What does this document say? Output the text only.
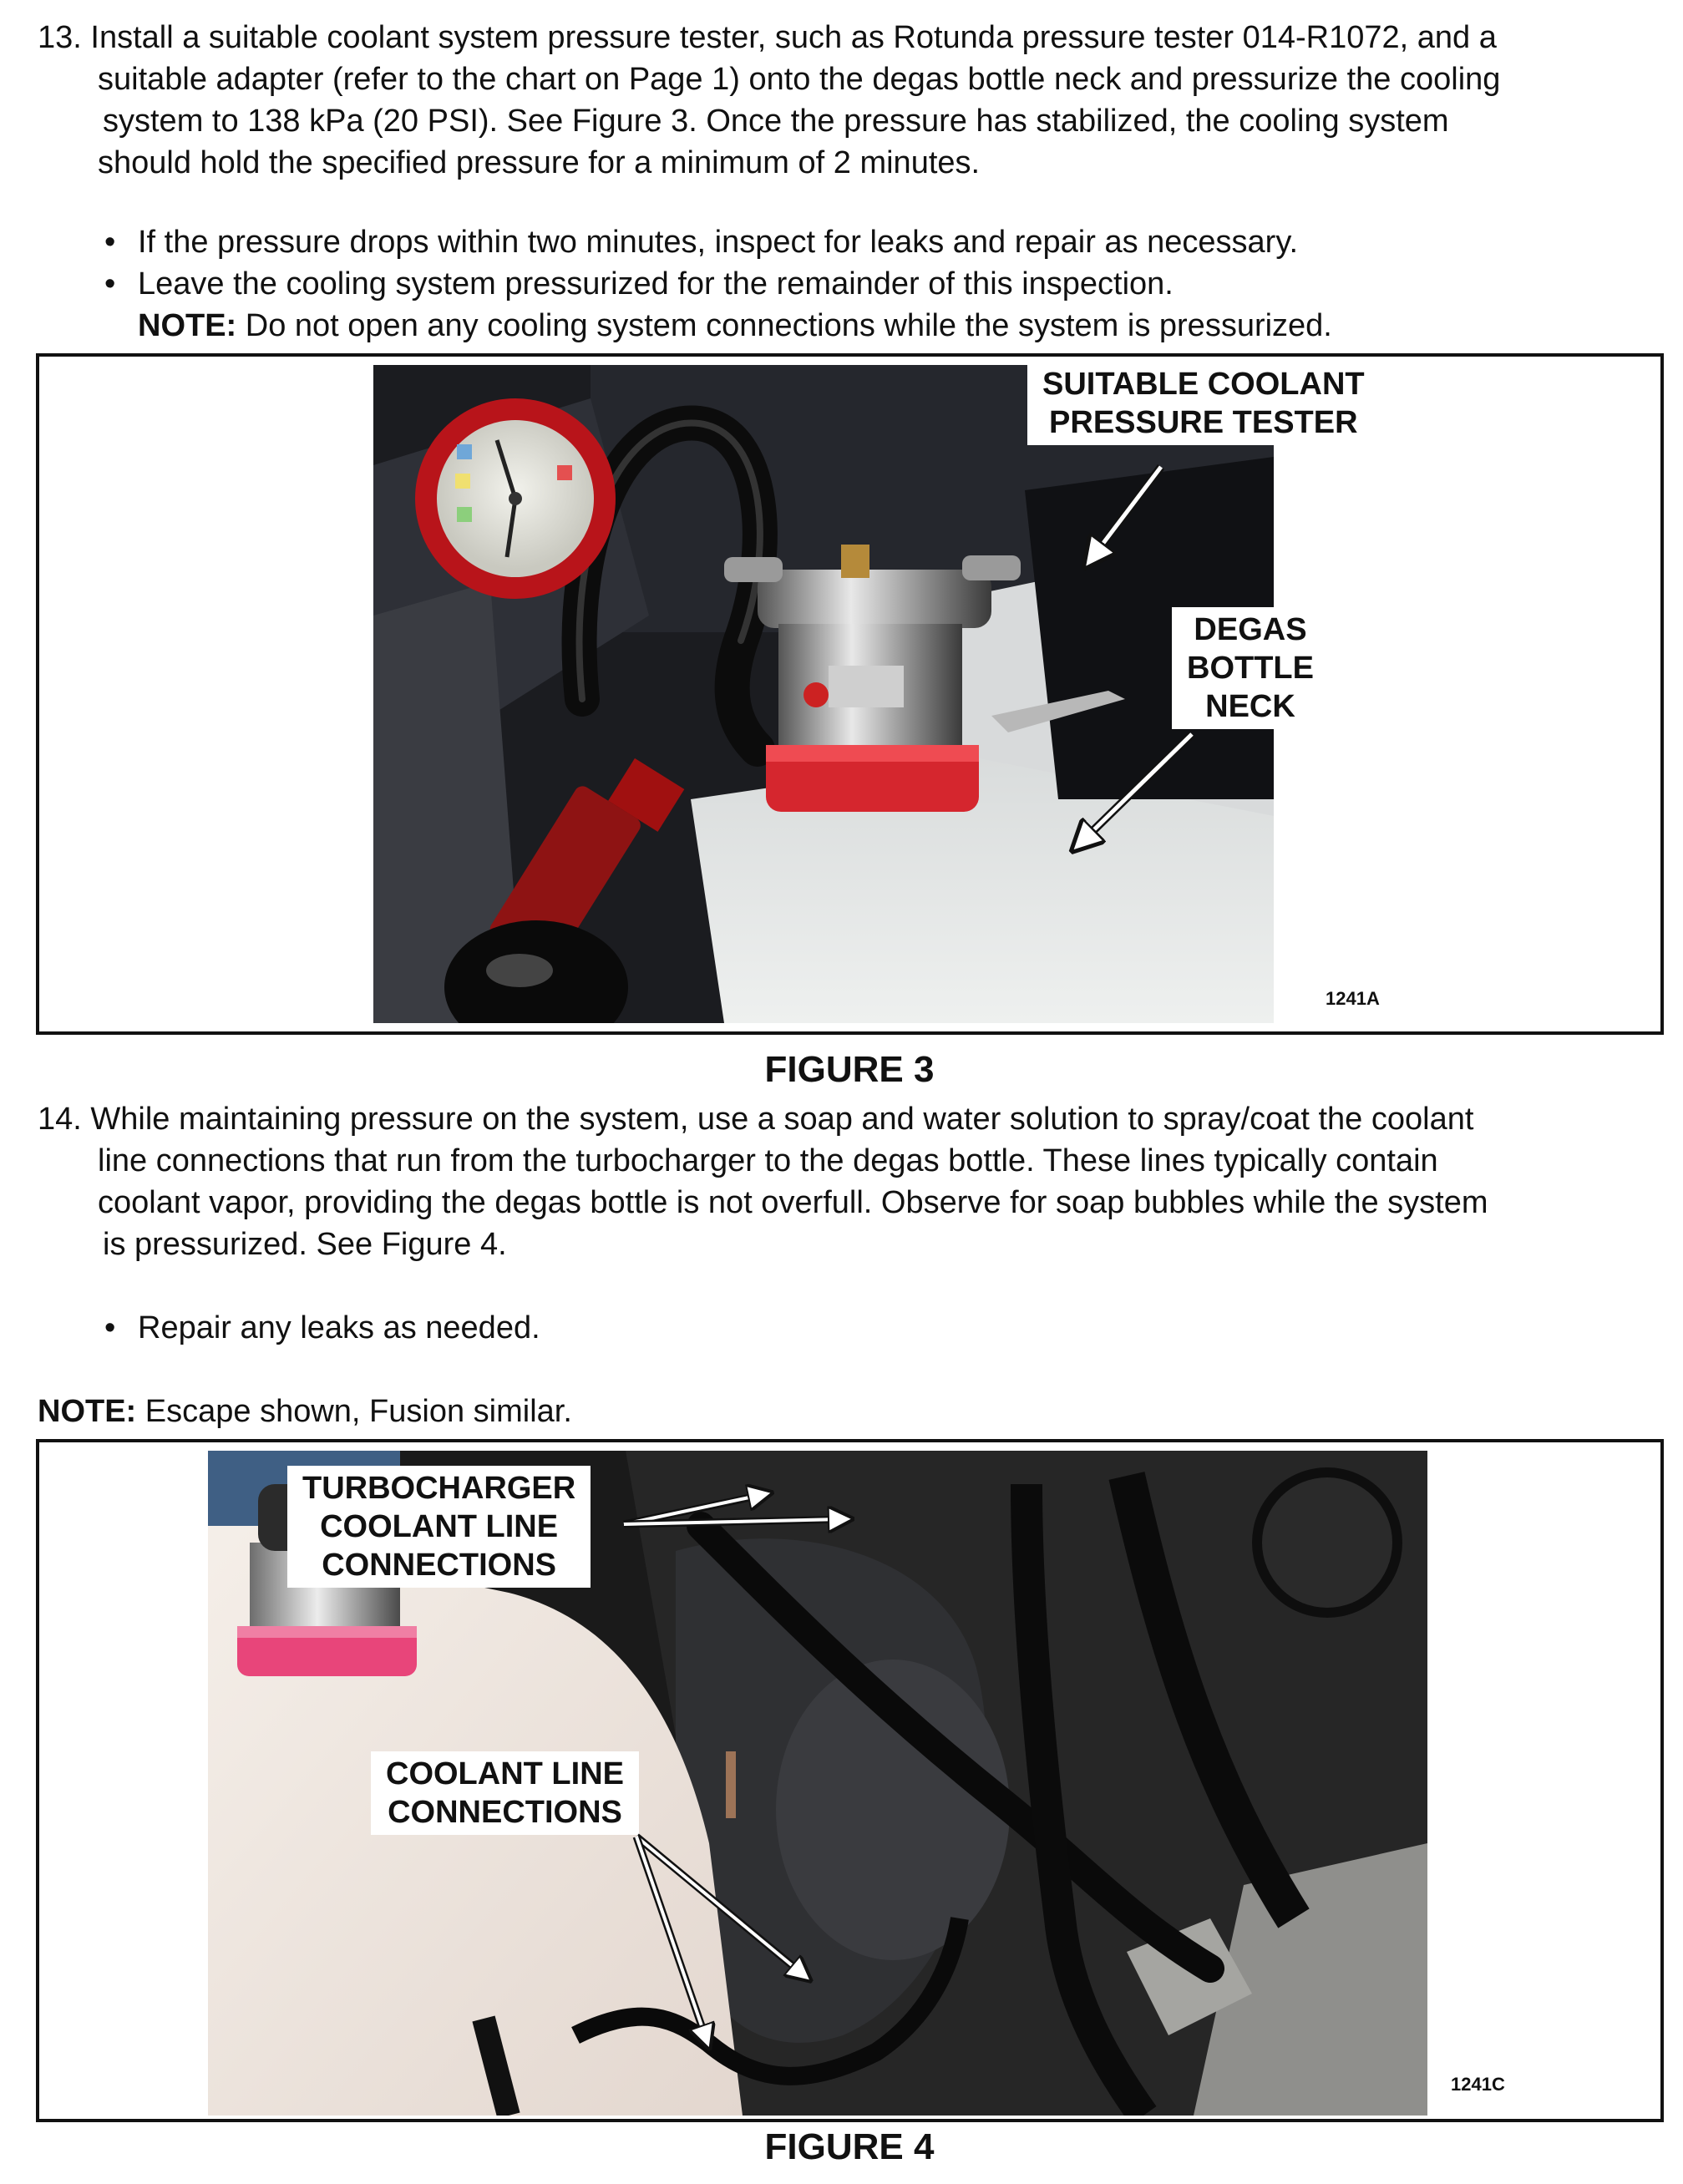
13. Install a suitable coolant system pressure tester, such as Rotunda pressure tester 014-R1072, and a
suitable adapter (refer to the chart on Page 1) onto the degas bottle neck and pressurize the cooling
system to 138 kPa (20 PSI). See Figure 3. Once the pressure has stabilized, the cooling system
should hold the specified pressure for a minimum of 2 minutes.
• If the pressure drops within two minutes, inspect for leaks and repair as necessary.
• Leave the cooling system pressurized for the remainder of this inspection.
NOTE: Do not open any cooling system connections while the system is pressurized.
SUITABLE COOLANT
PRESSURE TESTER
DEGAS
BOTTLE
NECK
1241A
FIGURE 3
14. While maintaining pressure on the system, use a soap and water solution to spray/coat the coolant
line connections that run from the turbocharger to the degas bottle. These lines typically contain
coolant vapor, providing the degas bottle is not overfull. Observe for soap bubbles while the system
is pressurized. See Figure 4.
• Repair any leaks as needed.
NOTE: Escape shown, Fusion similar.
TURBOCHARGER
COOLANT LINE
CONNECTIONS
COOLANT LINE
CONNECTIONS
1241C
FIGURE 4
